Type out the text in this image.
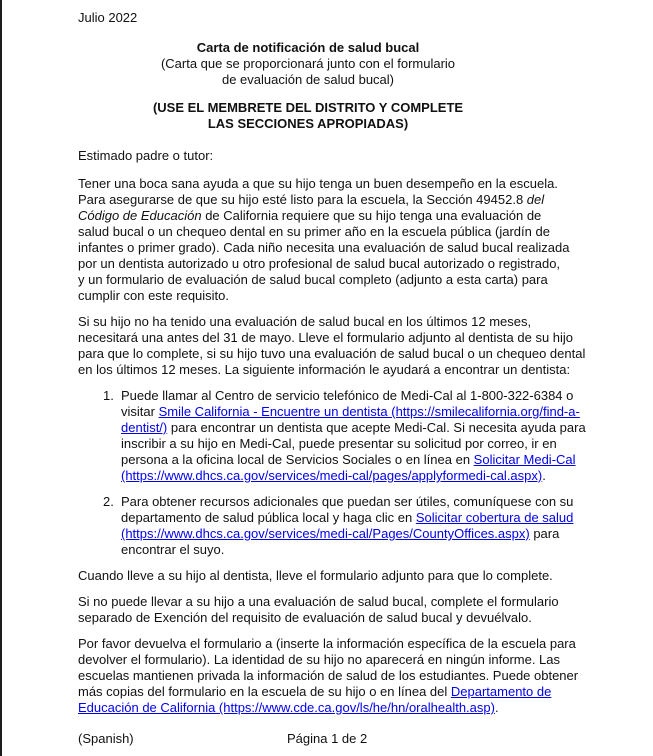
Julio 2022
Carta de notificación de salud bucal
(Carta que se proporcionará junto con el formulario
de evaluación de salud bucal)
(USE EL MEMBRETE DEL DISTRITO Y COMPLETE
LAS SECCIONES APROPIADAS)
Estimado padre o tutor:
Tener una boca sana ayuda a que su hijo tenga un buen desempeño en la escuela.
Para asegurarse de que su hijo esté listo para la escuela, la Sección 49452.8 del
Código de Educación de California requiere que su hijo tenga una evaluación de
salud bucal o un chequeo dental en su primer año en la escuela pública (jardín de
infantes o primer grado). Cada niño necesita una evaluación de salud bucal realizada
por un dentista autorizado u otro profesional de salud bucal autorizado o registrado,
y un formulario de evaluación de salud bucal completo (adjunto a esta carta) para
cumplir con este requisito.
Si su hijo no ha tenido una evaluación de salud bucal en los últimos 12 meses,
necesitará una antes del 31 de mayo. Lleve el formulario adjunto al dentista de su hijo
para que lo complete, si su hijo tuvo una evaluación de salud bucal o un chequeo dental
en los últimos 12 meses. La siguiente información le ayudará a encontrar un dentista:
1. Puede llamar al Centro de servicio telefónico de Medi-Cal al 1-800-322-6384 o
visitar Smile California - Encuentre un dentista (https://smilecalifornia.org/find-a-
dentist/) para encontrar un dentista que acepte Medi-Cal. Si necesita ayuda para
inscribir a su hijo en Medi-Cal, puede presentar su solicitud por correo, ir en
persona a la oficina local de Servicios Sociales o en línea en Solicitar Medi-Cal
(https://www.dhcs.ca.gov/services/medi-cal/pages/applyformedi-cal.aspx).
2. Para obtener recursos adicionales que puedan ser útiles, comuníquese con su
departamento de salud pública local y haga clic en Solicitar cobertura de salud
(https://www.dhcs.ca.gov/services/medi-cal/Pages/CountyOffices.aspx) para
encontrar el suyo.
Cuando lleve a su hijo al dentista, lleve el formulario adjunto para que lo complete.
Si no puede llevar a su hijo a una evaluación de salud bucal, complete el formulario
separado de Exención del requisito de evaluación de salud bucal y devuélvalo.
Por favor devuelva el formulario a (inserte la información específica de la escuela para
devolver el formulario). La identidad de su hijo no aparecerá en ningún informe. Las
escuelas mantienen privada la información de salud de los estudiantes. Puede obtener
más copias del formulario en la escuela de su hijo o en línea del Departamento de
Educación de California (https://www.cde.ca.gov/ls/he/hn/oralhealth.asp).
(Spanish)	Página 1 de 2
